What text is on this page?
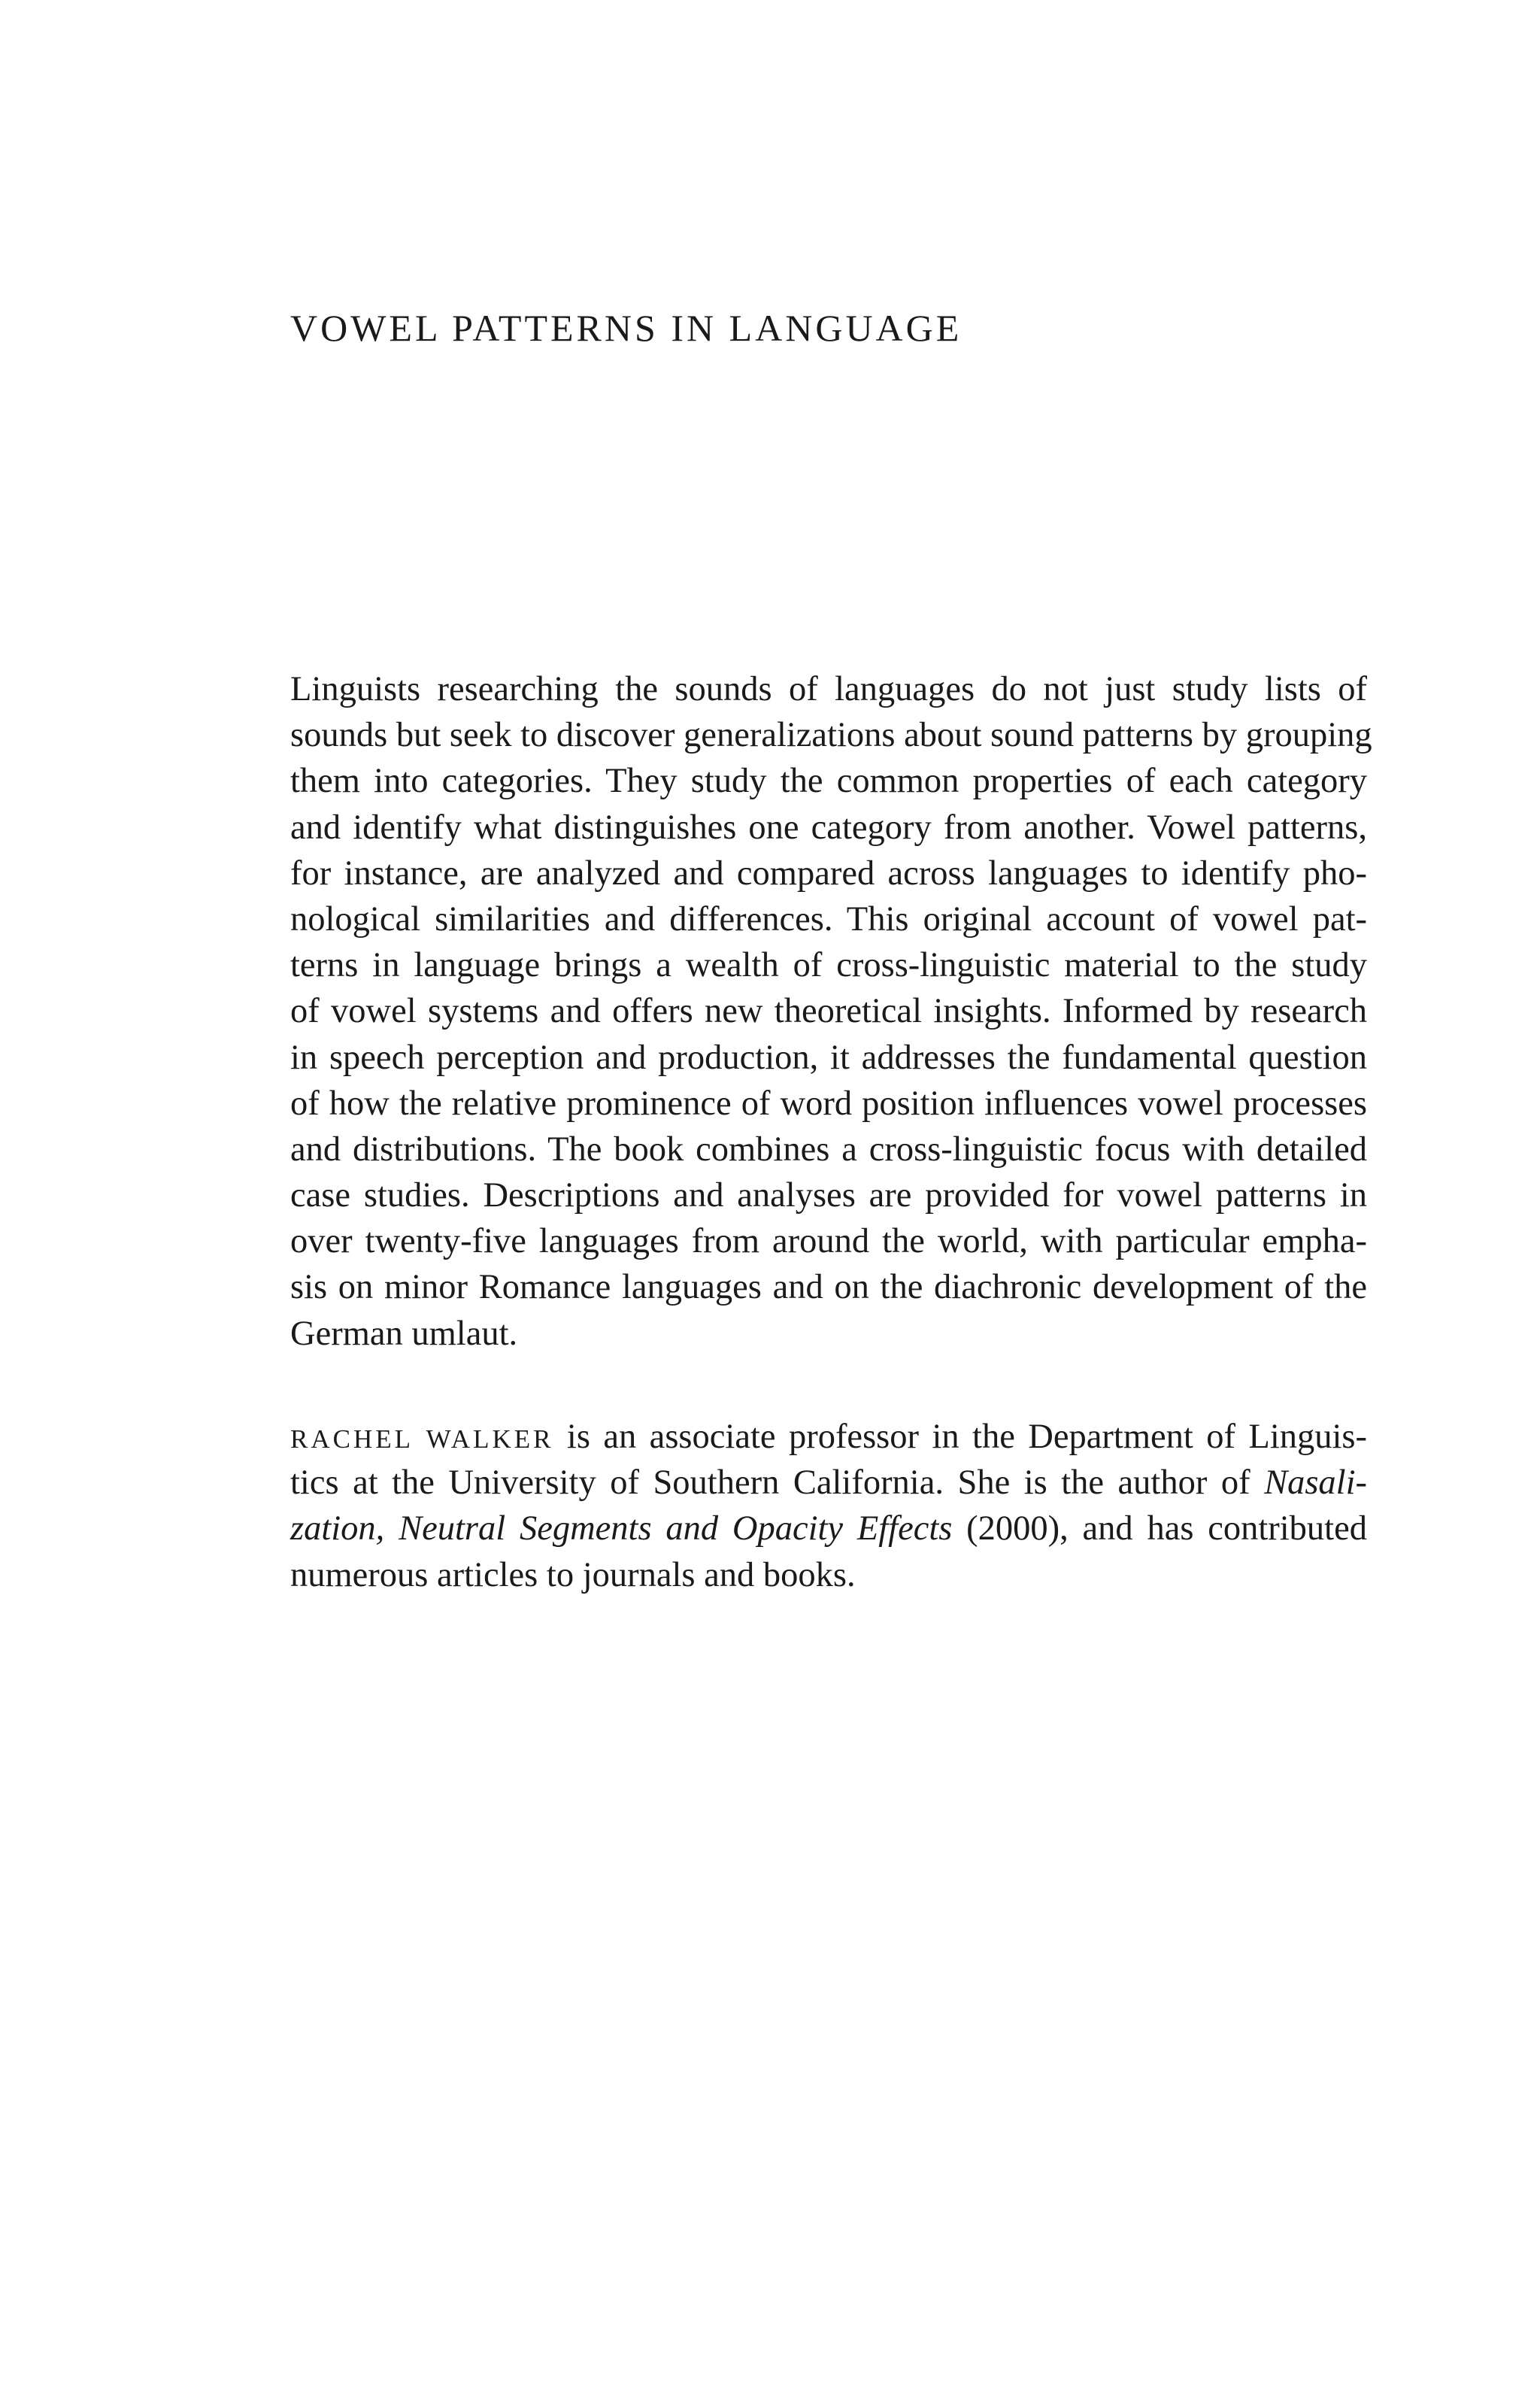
VOWEL PATTERNS IN LANGUAGE
Linguists researching the sounds of languages do not just study lists of
sounds but seek to discover generalizations about sound patterns by grouping
them into categories. They study the common properties of each category
and identify what distinguishes one category from another. Vowel patterns,
for instance, are analyzed and compared across languages to identify pho-
nological similarities and differences. This original account of vowel pat-
terns in language brings a wealth of cross-linguistic material to the study
of vowel systems and offers new theoretical insights. Informed by research
in speech perception and production, it addresses the fundamental question
of how the relative prominence of word position influences vowel processes
and distributions. The book combines a cross-linguistic focus with detailed
case studies. Descriptions and analyses are provided for vowel patterns in
over twenty-five languages from around the world, with particular empha-
sis on minor Romance languages and on the diachronic development of the
German umlaut.
RACHEL WALKER is an associate professor in the Department of Linguis-
tics at the University of Southern California. She is the author of Nasali-
zation, Neutral Segments and Opacity Effects (2000), and has contributed
numerous articles to journals and books.
